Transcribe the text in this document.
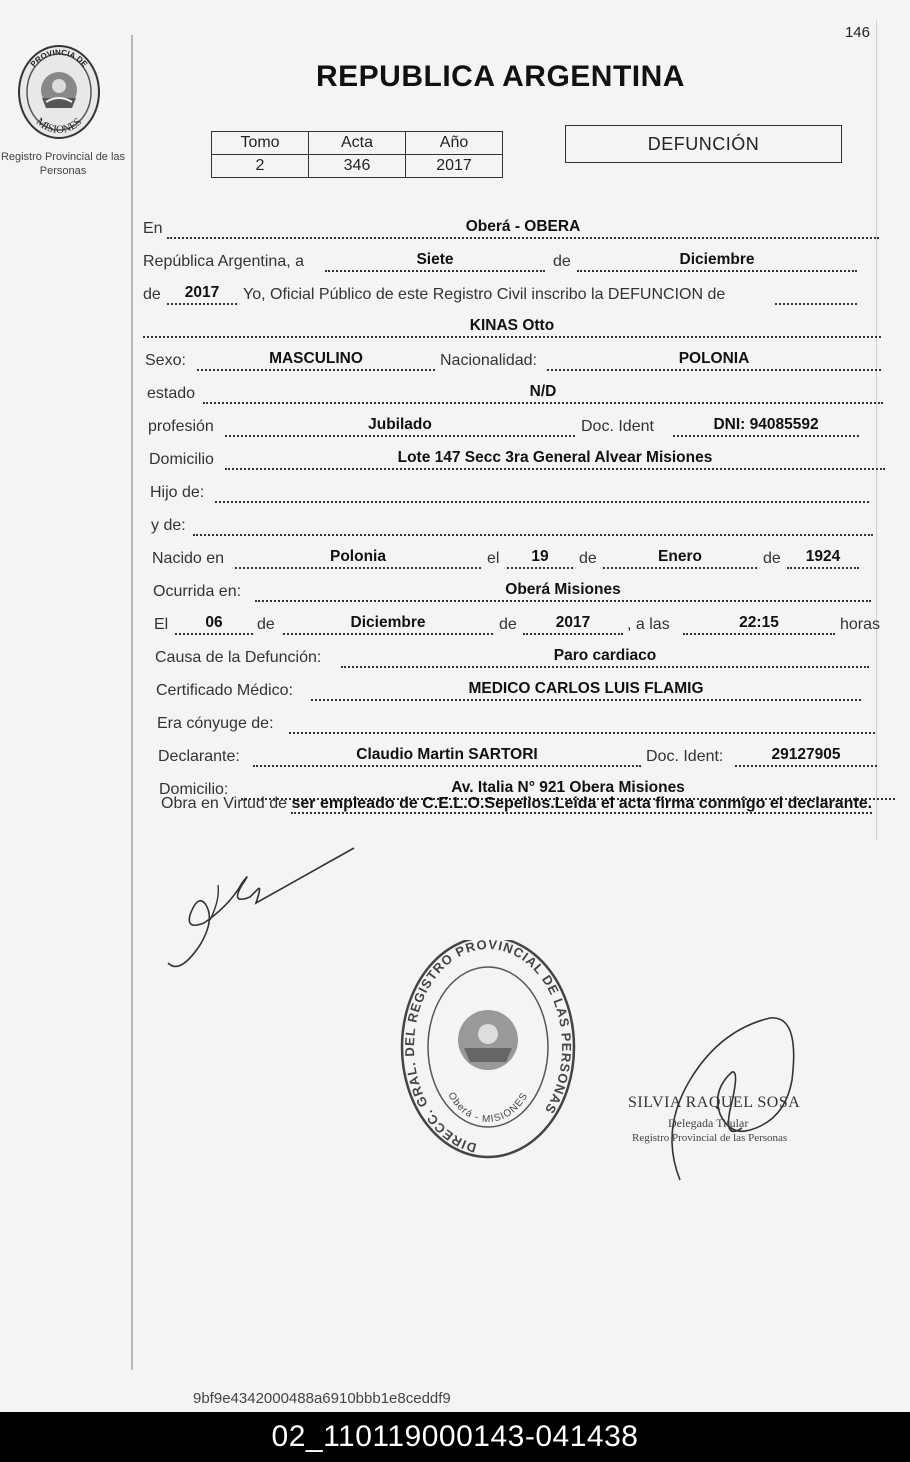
146
PROVINCIA DE
MISIONES
Registro Provincial de las Personas
REPUBLICA ARGENTINA
Tomo	Acta	Año
2	346	2017
DEFUNCIÓN
En	Oberá - OBERA
República Argentina, a	Siete	de	Diciembre
de	2017	Yo, Oficial Público de este Registro Civil inscribo la DEFUNCION de
KINAS Otto
Sexo:	MASCULINO	Nacionalidad:	POLONIA
estado	N/D
profesión	Jubilado	Doc. Ident	DNI: 94085592
Domicilio	Lote 147 Secc 3ra General Alvear Misiones
Hijo de:
y de:
Nacido en	Polonia	el	19	de	Enero	de	1924
Ocurrida en:	Oberá Misiones
El	06	de	Diciembre	de	2017	, a las	22:15	horas
Causa de la Defunción:	Paro cardiaco
Certificado Médico:	MEDICO CARLOS LUIS FLAMIG
Era cónyuge de:
Declarante:	Claudio Martin SARTORI	Doc. Ident:	29127905
Domicilio:	Av. Italia N° 921 Obera Misiones
Obra en Virtud de ser empleado de C.E.L.O.Sepelios.Leida el acta firma conmigo el declarante.
DIRECC. GRAL. DEL REGISTRO PROVINCIAL DE LAS PERSONAS
Oberá - MISIONES	SILVIA RAQUEL SOSA
Delegada Titular
Registro Provincial de las Personas
9bf9e4342000488a6910bbb1e8ceddf9
02_110119000143-041438
